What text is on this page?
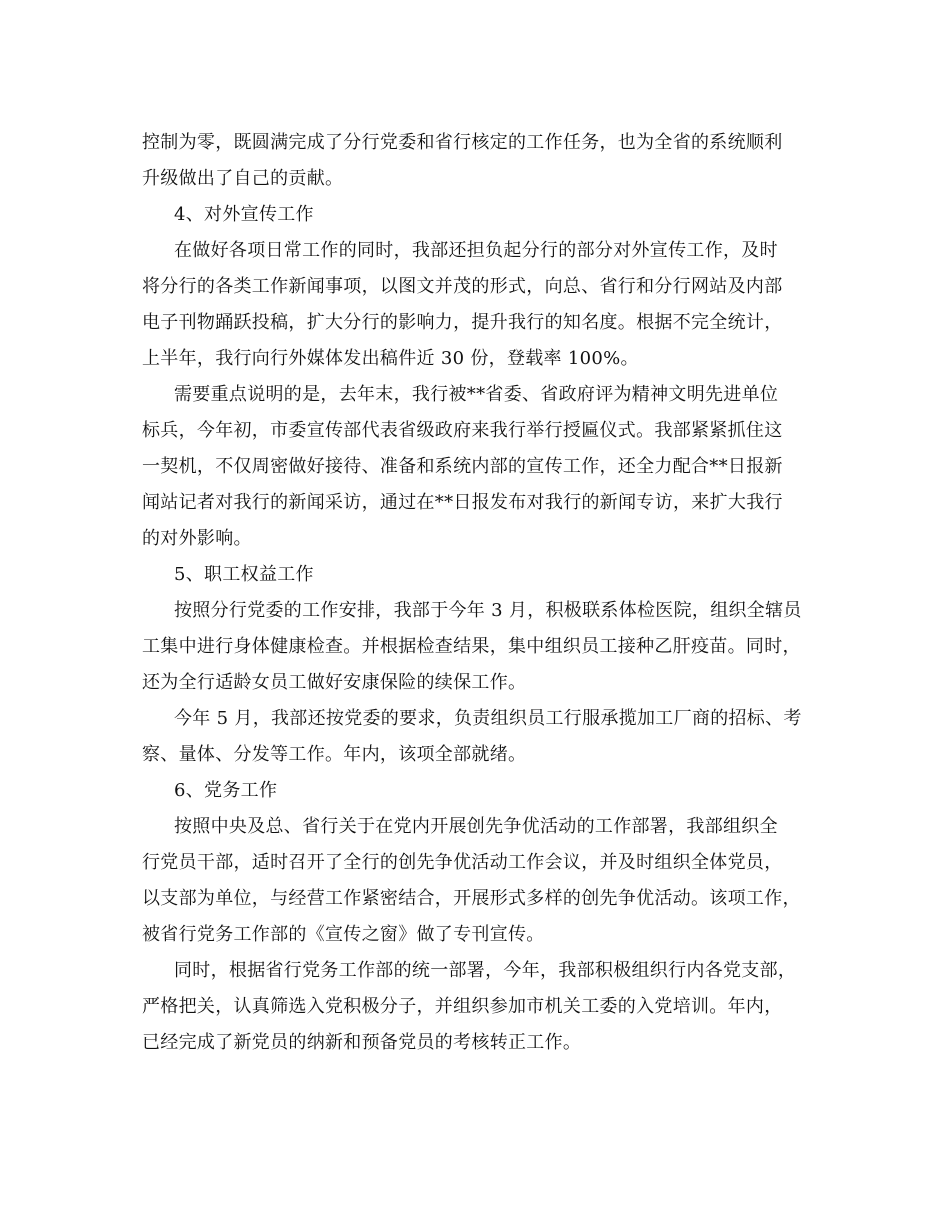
控制为零，既圆满完成了分行党委和省行核定的工作任务，也为全省的系统顺利
升级做出了自己的贡献。
4、对外宣传工作
在做好各项日常工作的同时，我部还担负起分行的部分对外宣传工作，及时
将分行的各类工作新闻事项，以图文并茂的形式，向总、省行和分行网站及内部
电子刊物踊跃投稿，扩大分行的影响力，提升我行的知名度。根据不完全统计，
上半年，我行向行外媒体发出稿件近 30 份，登载率 100%。
需要重点说明的是，去年末，我行被**省委、省政府评为精神文明先进单位
标兵，今年初，市委宣传部代表省级政府来我行举行授匾仪式。我部紧紧抓住这
一契机，不仅周密做好接待、准备和系统内部的宣传工作，还全力配合**日报新
闻站记者对我行的新闻采访，通过在**日报发布对我行的新闻专访，来扩大我行
的对外影响。
5、职工权益工作
按照分行党委的工作安排，我部于今年 3 月，积极联系体检医院，组织全辖员
工集中进行身体健康检查。并根据检查结果，集中组织员工接种乙肝疫苗。同时，
还为全行适龄女员工做好安康保险的续保工作。
今年 5 月，我部还按党委的要求，负责组织员工行服承揽加工厂商的招标、考
察、量体、分发等工作。年内，该项全部就绪。
6、党务工作
按照中央及总、省行关于在党内开展创先争优活动的工作部署，我部组织全
行党员干部，适时召开了全行的创先争优活动工作会议，并及时组织全体党员，
以支部为单位，与经营工作紧密结合，开展形式多样的创先争优活动。该项工作，
被省行党务工作部的《宣传之窗》做了专刊宣传。
同时，根据省行党务工作部的统一部署，今年，我部积极组织行内各党支部，
严格把关，认真筛选入党积极分子，并组织参加市机关工委的入党培训。年内，
已经完成了新党员的纳新和预备党员的考核转正工作。
